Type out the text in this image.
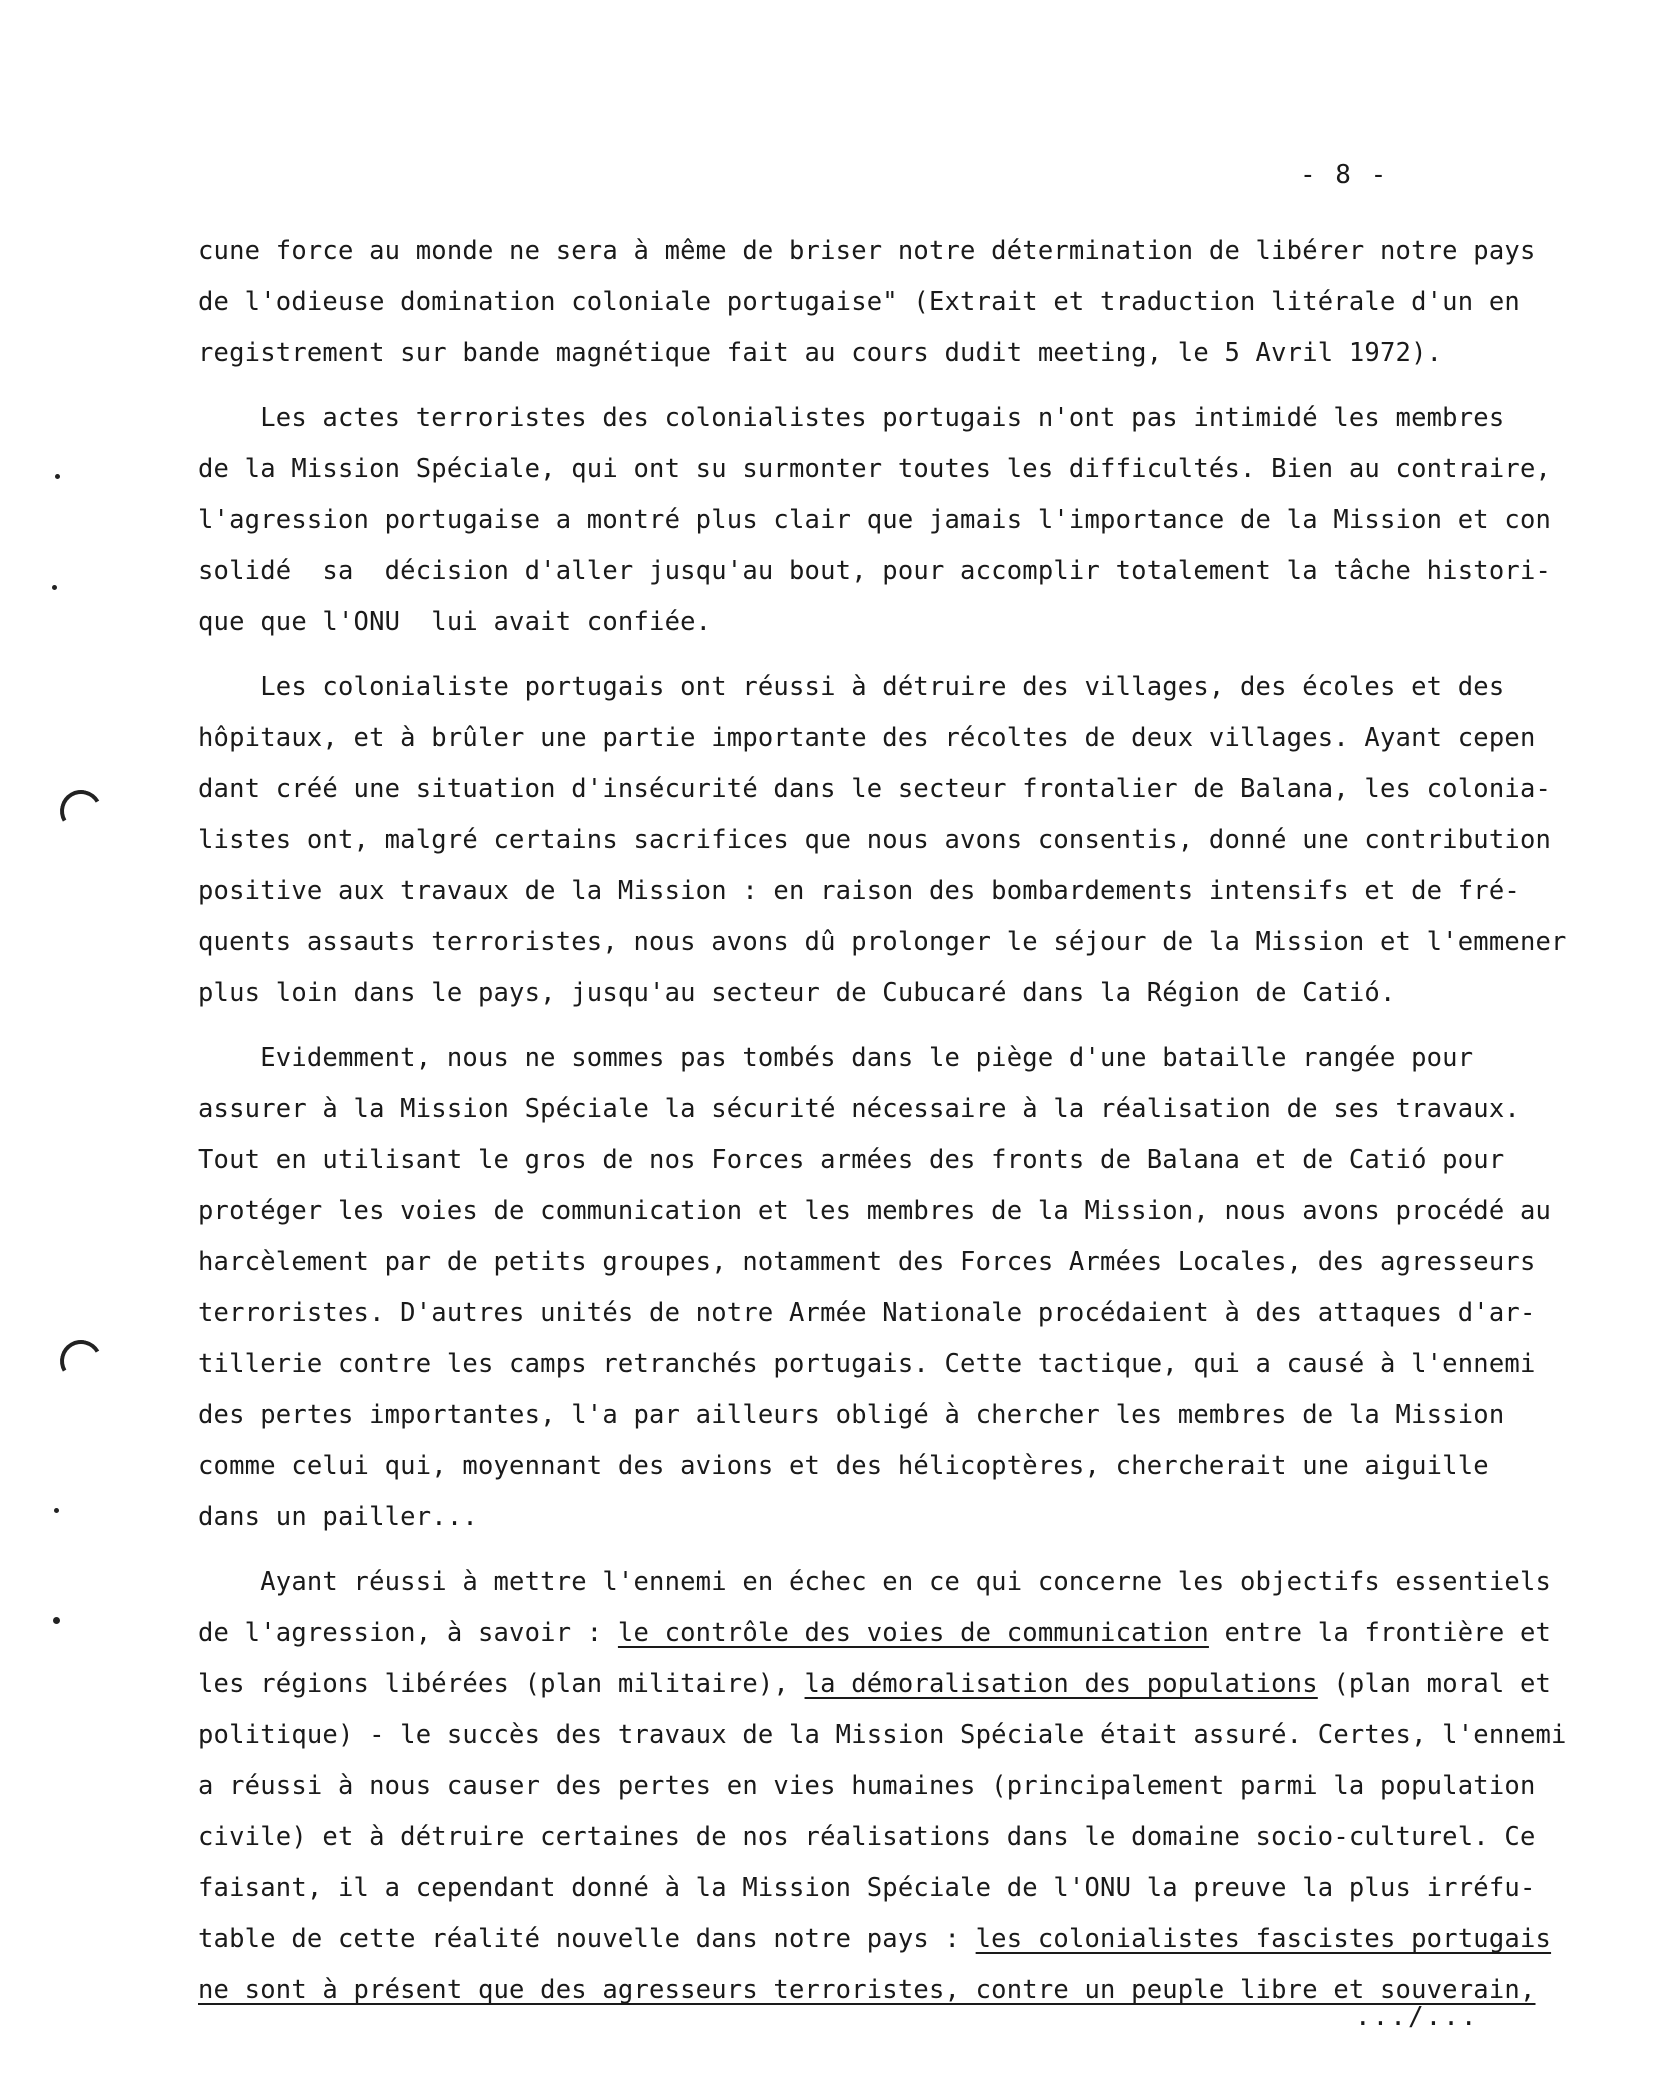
- 8 -
cune force au monde ne sera à même de briser notre détermination de libérer notre pays
de l'odieuse domination coloniale portugaise" (Extrait et traduction litérale d'un en
registrement sur bande magnétique fait au cours dudit meeting, le 5 Avril 1972).
Les actes terroristes des colonialistes portugais n'ont pas intimidé les membres
de la Mission Spéciale, qui ont su surmonter toutes les difficultés. Bien au contraire,
l'agression portugaise a montré plus clair que jamais l'importance de la Mission et con
solidé  sa  décision d'aller jusqu'au bout, pour accomplir totalement la tâche histori-
que que l'ONU  lui avait confiée.
Les colonialiste portugais ont réussi à détruire des villages, des écoles et des
hôpitaux, et à brûler une partie importante des récoltes de deux villages. Ayant cepen
dant créé une situation d'insécurité dans le secteur frontalier de Balana, les colonia-
listes ont, malgré certains sacrifices que nous avons consentis, donné une contribution
positive aux travaux de la Mission : en raison des bombardements intensifs et de fré-
quents assauts terroristes, nous avons dû prolonger le séjour de la Mission et l'emmener
plus loin dans le pays, jusqu'au secteur de Cubucaré dans la Région de Catió.
Evidemment, nous ne sommes pas tombés dans le piège d'une bataille rangée pour
assurer à la Mission Spéciale la sécurité nécessaire à la réalisation de ses travaux.
Tout en utilisant le gros de nos Forces armées des fronts de Balana et de Catió pour
protéger les voies de communication et les membres de la Mission, nous avons procédé au
harcèlement par de petits groupes, notamment des Forces Armées Locales, des agresseurs
terroristes. D'autres unités de notre Armée Nationale procédaient à des attaques d'ar-
tillerie contre les camps retranchés portugais. Cette tactique, qui a causé à l'ennemi
des pertes importantes, l'a par ailleurs obligé à chercher les membres de la Mission
comme celui qui, moyennant des avions et des hélicoptères, chercherait une aiguille
dans un pailler...
Ayant réussi à mettre l'ennemi en échec en ce qui concerne les objectifs essentiels
de l'agression, à savoir : le contrôle des voies de communication entre la frontière et
les régions libérées (plan militaire), la démoralisation des populations (plan moral et
politique) - le succès des travaux de la Mission Spéciale était assuré. Certes, l'ennemi
a réussi à nous causer des pertes en vies humaines (principalement parmi la population
civile) et à détruire certaines de nos réalisations dans le domaine socio-culturel. Ce
faisant, il a cependant donné à la Mission Spéciale de l'ONU la preuve la plus irréfu-
table de cette réalité nouvelle dans notre pays : les colonialistes fascistes portugais
ne sont à présent que des agresseurs terroristes, contre un peuple libre et souverain,
.../...
